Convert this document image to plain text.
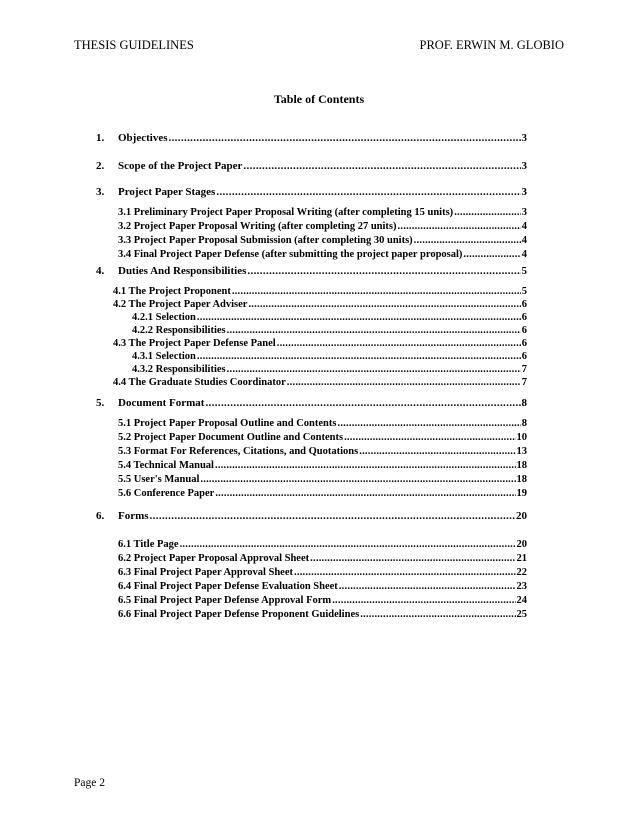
THESIS GUIDELINES	PROF. ERWIN M. GLOBIO
Table of Contents
1.	Objectives . . .	3
2.	Scope of the Project Paper . . .	3
3.	Project Paper Stages . . .	3
3.1 Preliminary Project Paper Proposal Writing (after completing 15 units) . . .	3
3.2 Project Paper Proposal Writing (after completing 27 units) . . .	4
3.3 Project Paper Proposal Submission (after completing 30 units) . . .	4
3.4 Final Project Paper Defense (after submitting the project paper proposal) . . .	4
4.	Duties And Responsibilities . . .	5
4.1 The Project Proponent . . .	5
4.2 The Project Paper Adviser . . .	6
4.2.1 Selection . . .	6
4.2.2 Responsibilities . . .	6
4.3 The Project Paper Defense Panel . . .	6
4.3.1 Selection . . .	6
4.3.2 Responsibilities . . .	7
4.4 The Graduate Studies Coordinator . . .	7
5.	Document Format . . .	8
5.1 Project Paper Proposal Outline and Contents . . .	8
5.2 Project Paper Document Outline and Contents . . .	10
5.3 Format For References, Citations, and Quotations . . .	13
5.4 Technical Manual . . .	18
5.5 User's Manual . . .	18
5.6 Conference Paper . . .	19
6.	Forms . . .	20
6.1 Title Page . . .	20
6.2 Project Paper Proposal Approval Sheet . . .	21
6.3 Final Project Paper Approval Sheet . . .	22
6.4 Final Project Paper Defense Evaluation Sheet . . .	23
6.5 Final Project Paper Defense Approval Form . . .	24
6.6 Final Project Paper Defense Proponent Guidelines . . .	25
Page 2
